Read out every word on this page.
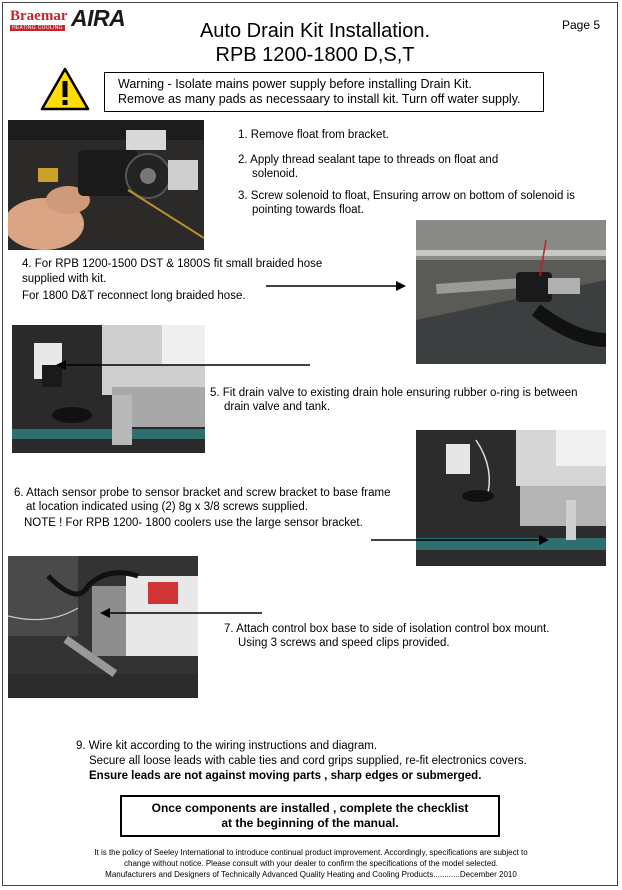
Braemar
HEATING COOLING AIRA	Auto Drain Kit Installation.
RPB 1200-1800 D,S,T
Page 5
Warning - Isolate mains power supply before installing Drain Kit.
Remove as many pads as necessaary to install kit. Turn off water supply.
1. Remove float from bracket.
2. Apply thread sealant tape to threads on float and
solenoid.
3. Screw solenoid to float, Ensuring arrow on bottom of solenoid is
pointing towards float.
4. For RPB 1200-1500 DST & 1800S fit small braided hose
supplied with kit.
For 1800 D&T reconnect long braided hose.
5. Fit drain valve to existing drain hole ensuring rubber o-ring is between
drain valve and tank.
6. Attach sensor probe to sensor bracket and screw bracket to base frame
at location indicated using (2) 8g x 3/8 screws supplied.
NOTE ! For RPB 1200- 1800 coolers use the large sensor bracket.
7. Attach control box base to side of isolation control box mount.
Using 3 screws and speed clips provided.
9. Wire kit according to the wiring instructions and diagram.
Secure all loose leads with cable ties and cord grips supplied, re-fit electronics covers.
Ensure leads are not against moving parts , sharp edges or submerged.
Once components are installed , complete the checklist
at the beginning of the manual.
It is the policy of Seeley International to introduce continual product improvement. Accordingly, specifications are subject to
change without notice. Please consult with your dealer to confirm the specifications of the model selected.
Manufacturers and Designers of Technically Advanced Quality Heating and Cooling Products............December 2010
